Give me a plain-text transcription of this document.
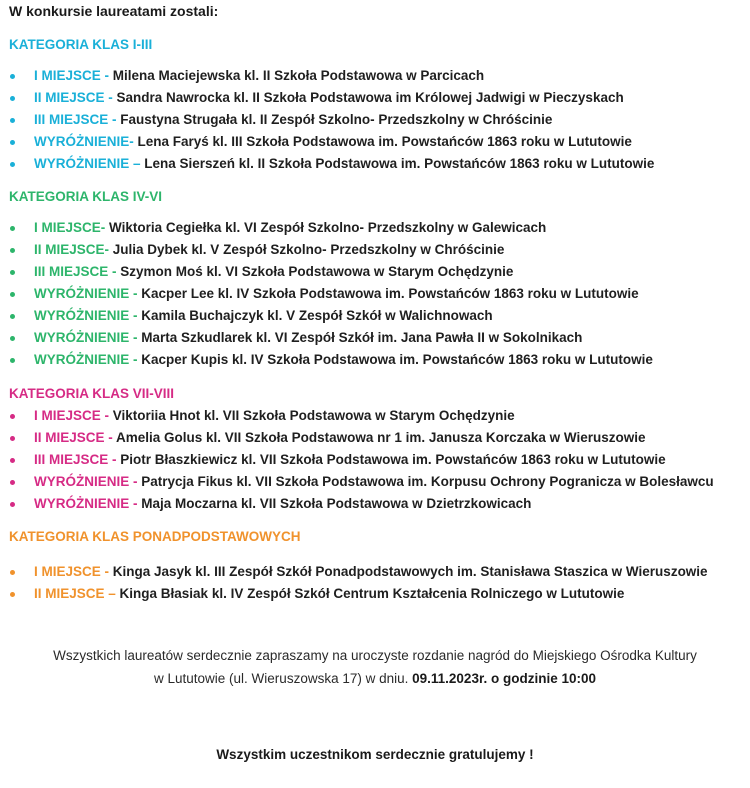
W konkursie laureatami zostali:
KATEGORIA KLAS I-III
I MIEJSCE - Milena Maciejewska kl. II Szkoła Podstawowa w Parcicach
II MIEJSCE - Sandra Nawrocka kl. II Szkoła Podstawowa im Królowej Jadwigi w Pieczyskach
III MIEJSCE - Faustyna Strugała kl. II Zespół Szkolno- Przedszkolny w Chróścinie
WYRÓŻNIENIE- Lena Faryś kl. III Szkoła Podstawowa im. Powstańców 1863 roku w Lututowie
WYRÓŻNIENIE – Lena Sierszeń kl. II Szkoła Podstawowa im. Powstańców 1863 roku w Lututowie
KATEGORIA KLAS IV-VI
I MIEJSCE- Wiktoria Cegiełka kl. VI Zespół Szkolno- Przedszkolny w Galewicach
II MIEJSCE- Julia Dybek kl. V Zespół Szkolno- Przedszkolny w Chróścinie
III MIEJSCE - Szymon Moś kl. VI Szkoła Podstawowa w Starym Ochędzynie
WYRÓŻNIENIE - Kacper Lee kl. IV Szkoła Podstawowa im. Powstańców 1863 roku w Lututowie
WYRÓŻNIENIE - Kamila Buchajczyk kl. V Zespół Szkół w Walichnowach
WYRÓŻNIENIE - Marta Szkudlarek kl. VI Zespół Szkół im. Jana Pawła II w Sokolnikach
WYRÓŻNIENIE - Kacper Kupis kl. IV Szkoła Podstawowa im. Powstańców 1863 roku w Lututowie
KATEGORIA KLAS VII-VIII
I MIEJSCE - Viktoriia Hnot kl. VII Szkoła Podstawowa w Starym Ochędzynie
II MIEJSCE - Amelia Golus kl. VII Szkoła Podstawowa nr 1 im. Janusza Korczaka w Wieruszowie
III MIEJSCE - Piotr Błaszkiewicz kl. VII Szkoła Podstawowa im. Powstańców 1863 roku w Lututowie
WYRÓŻNIENIE - Patrycja Fikus kl. VII Szkoła Podstawowa im. Korpusu Ochrony Pogranicza w Bolesławcu
WYRÓŻNIENIE - Maja Moczarna kl. VII Szkoła Podstawowa w Dzietrzkowicach
KATEGORIA KLAS PONADPODSTAWOWYCH
I MIEJSCE - Kinga Jasyk kl. III Zespół Szkół Ponadpodstawowych im. Stanisława Staszica w Wieruszowie
II MIEJSCE – Kinga Błasiak kl. IV Zespół Szkół Centrum Kształcenia Rolniczego w Lututowie
Wszystkich laureatów serdecznie zapraszamy na uroczyste rozdanie nagród do Miejskiego Ośrodka Kultury
w Lututowie (ul. Wieruszowska 17) w dniu. 09.11.2023r. o godzinie 10:00
Wszystkim uczestnikom serdecznie gratulujemy !
